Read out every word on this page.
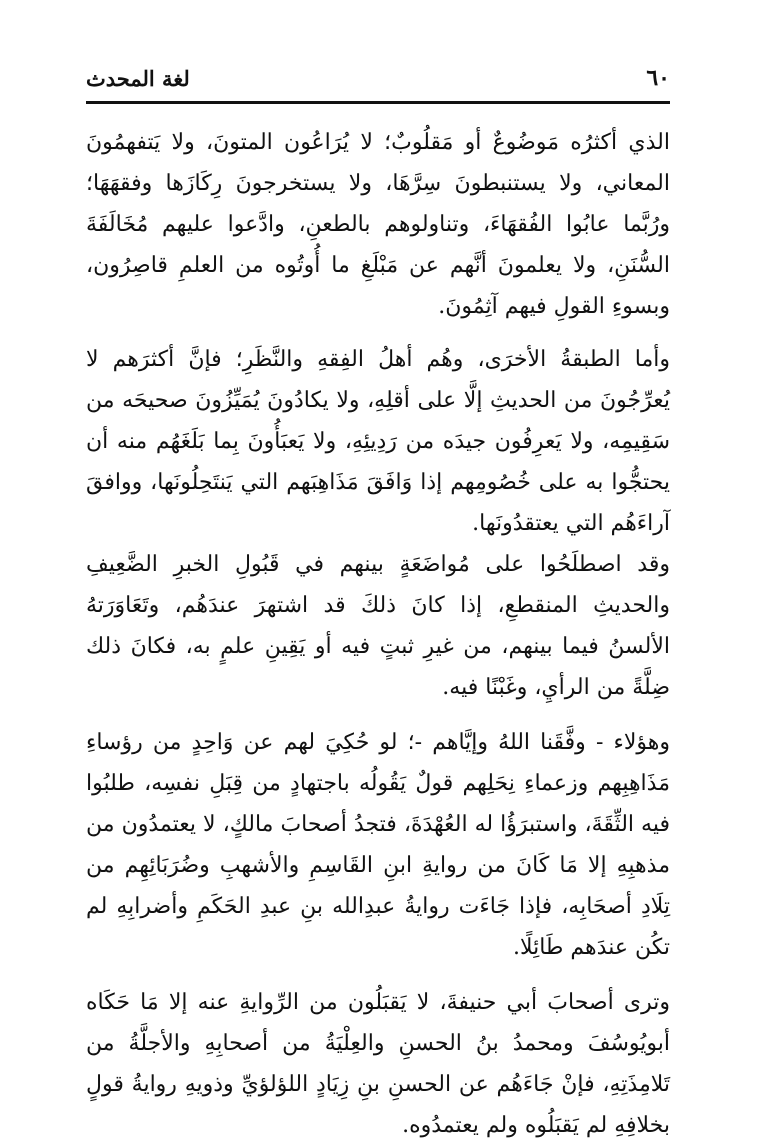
٦٠
لغة المحدث

الذي أكثرُه مَوضُوعٌ أو مَقلُوبٌ؛ لا يُرَاعُون المتونَ، ولا يَتفهمُونَ المعاني، ولا يستنبطونَ سِرَّهَا، ولا يستخرجونَ رِكَازَها وفقهَهَا؛ ورُبَّما عابُوا الفُقهَاءَ، وتناولوهم بالطعنِ، وادَّعوا عليهم مُخَالَفَةَ السُّنَنِ، ولا يعلمونَ أنَّهم عن مَبْلَغِ ما أُوتُوه من العلمِ قاصِرُون، وبسوءِ القولِ فيهم آثِمُونَ.

وأما الطبقةُ الأخرَى، وهُم أهلُ الفِقهِ والنَّظَرِ؛ فإنَّ أكثرَهم لا يُعرِّجُونَ من الحديثِ إلَّا على أقلِهِ، ولا يكادُونَ يُمَيِّزُونَ صحيحَه من سَقِيمِه، ولا يَعرِفُون جيدَه من رَدِيئِهِ، ولا يَعبَأُونَ بِما بَلَغَهُم منه أن يحتجُّوا به على خُصُومِهم إذا وَافَقَ مَذَاهِبَهم التي يَنتَحِلُونَها، ووافقَ آراءَهُم التي يعتقدُونَها.

وقد اصطلَحُوا على مُواضَعَةٍ بينهم في قَبُولِ الخبرِ الضَّعِيفِ والحديثِ المنقطعِ، إذا كانَ ذلكَ قد اشتهرَ عندَهُم، وتَعَاوَرَتهُ الألسنُ فيما بينهم، من غيرِ ثبتٍ فيه أو يَقِينِ علمٍ به، فكانَ ذلك ضِلَّةً من الرأيِ، وغَبْنًا فيه.

وهؤلاء - وفَّقَنا اللهُ وإيَّاهم -؛ لو حُكِيَ لهم عن وَاحِدٍ من رؤساءِ مَذَاهِبِهم وزعماءِ نِحَلِهم قولٌ يَقُولُه باجتهادٍ من قِبَلِ نفسِه، طلبُوا فيه الثِّقَةَ، واستبرَؤُا له العُهْدَةَ، فتجدُ أصحابَ مالكٍ، لا يعتمدُون من مذهبِهِ إلا مَا كَانَ من روايةِ ابنِ القَاسِمِ والأشهبِ وضُرَبَائِهِم من تِلَادِ أصحَابِه، فإذا جَاءَت روايةُ عبدِالله بنِ عبدِ الحَكَمِ وأضرابِهِ لم تكُن عندَهم طَائِلًا.

وترى أصحابَ أبي حنيفةَ، لا يَقبَلُون من الرِّوايةِ عنه إلا مَا حَكَاه أبويُوسُفَ ومحمدُ بنُ الحسنِ والعِلْيَةُ من أصحابِهِ والأجلَّةُ من تَلامِذَتِهِ، فإنْ جَاءَهُم عن الحسنِ بنِ زِيَادٍ اللؤلؤيِّ وذويهِ روايةُ قولٍ بخلافِهِ لم يَقبَلُوه ولم يعتمدُوه.
